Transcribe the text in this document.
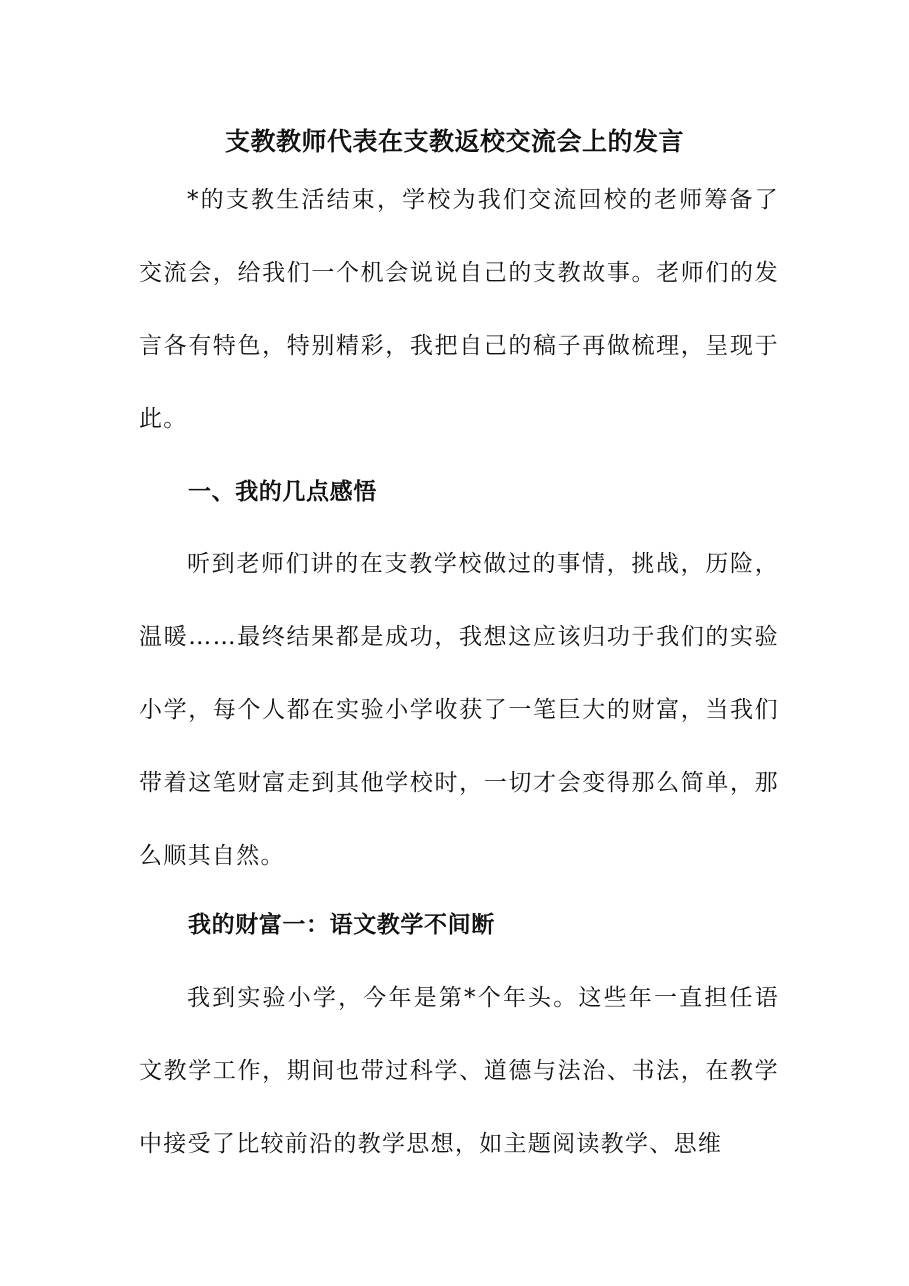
支教教师代表在支教返校交流会上的发言

*的支教生活结束，学校为我们交流回校的老师筹备了交流会，给我们一个机会说说自己的支教故事。老师们的发言各有特色，特别精彩，我把自己的稿子再做梳理，呈现于此。

一、我的几点感悟

听到老师们讲的在支教学校做过的事情，挑战，历险，温暖……最终结果都是成功，我想这应该归功于我们的实验小学，每个人都在实验小学收获了一笔巨大的财富，当我们带着这笔财富走到其他学校时，一切才会变得那么简单，那么顺其自然。

我的财富一：语文教学不间断

我到实验小学，今年是第*个年头。这些年一直担任语文教学工作，期间也带过科学、道德与法治、书法，在教学中接受了比较前沿的教学思想，如主题阅读教学、思维
